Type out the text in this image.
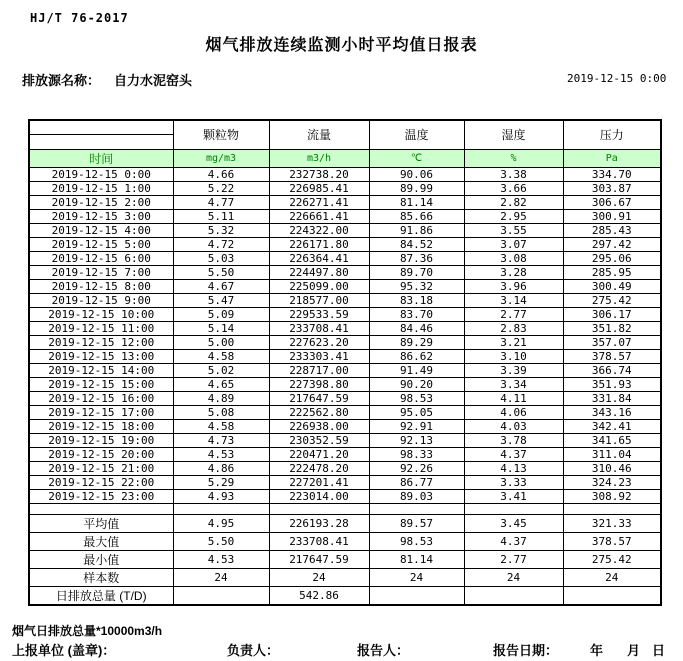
HJ/T 76-2017
烟气排放连续监测小时平均值日报表
排放源名称： 自力水泥窑头	2019-12-15 0:00
	颗粒物	流量	温度	湿度	压力

时间	mg/m3	m3/h	℃	%	Pa
2019-12-15 0:00	4.66	232738.20	90.06	3.38	334.70
2019-12-15 1:00	5.22	226985.41	89.99	3.66	303.87
2019-12-15 2:00	4.77	226271.41	81.14	2.82	306.67
2019-12-15 3:00	5.11	226661.41	85.66	2.95	300.91
2019-12-15 4:00	5.32	224322.00	91.86	3.55	285.43
2019-12-15 5:00	4.72	226171.80	84.52	3.07	297.42
2019-12-15 6:00	5.03	226364.41	87.36	3.08	295.06
2019-12-15 7:00	5.50	224497.80	89.70	3.28	285.95
2019-12-15 8:00	4.67	225099.00	95.32	3.96	300.49
2019-12-15 9:00	5.47	218577.00	83.18	3.14	275.42
2019-12-15 10:00	5.09	229533.59	83.70	2.77	306.17
2019-12-15 11:00	5.14	233708.41	84.46	2.83	351.82
2019-12-15 12:00	5.00	227623.20	89.29	3.21	357.07
2019-12-15 13:00	4.58	233303.41	86.62	3.10	378.57
2019-12-15 14:00	5.02	228717.00	91.49	3.39	366.74
2019-12-15 15:00	4.65	227398.80	90.20	3.34	351.93
2019-12-15 16:00	4.89	217647.59	98.53	4.11	331.84
2019-12-15 17:00	5.08	222562.80	95.05	4.06	343.16
2019-12-15 18:00	4.58	226938.00	92.91	4.03	342.41
2019-12-15 19:00	4.73	230352.59	92.13	3.78	341.65
2019-12-15 20:00	4.53	220471.20	98.33	4.37	311.04
2019-12-15 21:00	4.86	222478.20	92.26	4.13	310.46
2019-12-15 22:00	5.29	227201.41	86.77	3.33	324.23
2019-12-15 23:00	4.93	223014.00	89.03	3.41	308.92

平均值	4.95	226193.28	89.57	3.45	321.33
最大值	5.50	233708.41	98.53	4.37	378.57
最小值	4.53	217647.59	81.14	2.77	275.42
样本数	24	24	24	24	24
日排放总量 (T/D)		542.86			
烟气日排放总量*10000m3/h
上报单位 (盖章)：	负责人：	报告人：	报告日期： 年 月 日
